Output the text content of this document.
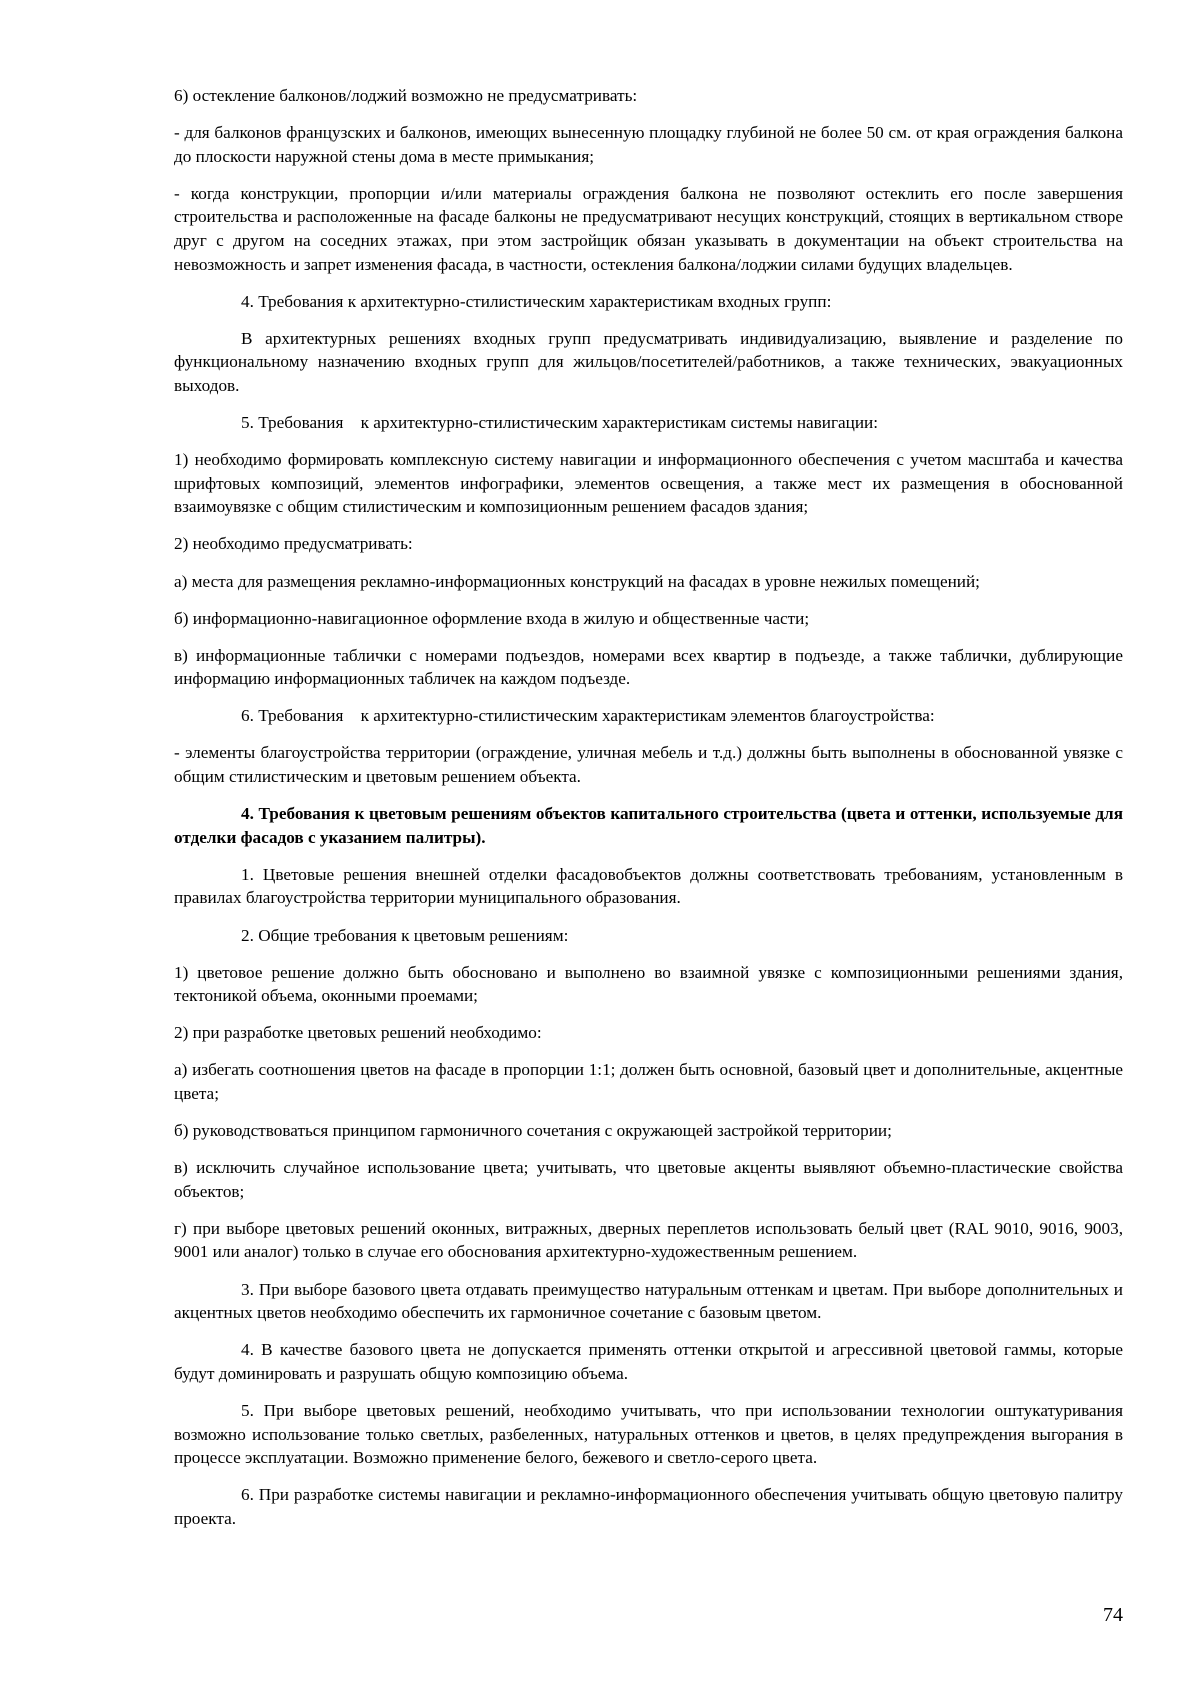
6) остекление балконов/лоджий возможно не предусматривать:

- для балконов французских и балконов, имеющих вынесенную площадку глубиной не более 50 см. от края ограждения балкона до плоскости наружной стены дома в месте примыкания;

- когда конструкции, пропорции и/или материалы ограждения балкона не позволяют остеклить его после завершения строительства и расположенные на фасаде балконы не предусматривают несущих конструкций, стоящих в вертикальном створе друг с другом на соседних этажах, при этом застройщик обязан указывать в документации на объект строительства на невозможность и запрет изменения фасада, в частности, остекления балкона/лоджии силами будущих владельцев.

4. Требования к архитектурно-стилистическим характеристикам входных групп:

В архитектурных решениях входных групп предусматривать индивидуализацию, выявление и разделение по функциональному назначению входных групп для жильцов/посетителей/работников, а также технических, эвакуационных выходов.

5. Требования    к архитектурно-стилистическим характеристикам системы навигации:

1) необходимо формировать комплексную систему навигации и информационного обеспечения с учетом масштаба и качества шрифтовых композиций, элементов инфографики, элементов освещения, а также мест их размещения в обоснованной взаимоувязке с общим стилистическим и композиционным решением фасадов здания;

2) необходимо предусматривать:

а) места для размещения рекламно-информационных конструкций на фасадах в уровне нежилых помещений;

б) информационно-навигационное оформление входа в жилую и общественные части;

в) информационные таблички с номерами подъездов, номерами всех квартир в подъезде, а также таблички, дублирующие информацию информационных табличек на каждом подъезде.

6. Требования    к архитектурно-стилистическим характеристикам элементов благоустройства:

- элементы благоустройства территории (ограждение, уличная мебель и т.д.) должны быть выполнены в обоснованной увязке с общим стилистическим и цветовым решением объекта.

4. Требования к цветовым решениям объектов капитального строительства (цвета и оттенки, используемые для отделки фасадов с указанием палитры).

1. Цветовые решения внешней отделки фасадовобъектов должны соответствовать требованиям, установленным в правилах благоустройства территории муниципального образования.

2. Общие требования к цветовым решениям:

1) цветовое решение должно быть обосновано и выполнено во взаимной увязке с композиционными решениями здания, тектоникой объема, оконными проемами;

2) при разработке цветовых решений необходимо:

а) избегать соотношения цветов на фасаде в пропорции 1:1; должен быть основной, базовый цвет и дополнительные, акцентные цвета;

б) руководствоваться принципом гармоничного сочетания с окружающей застройкой территории;

в) исключить случайное использование цвета; учитывать, что цветовые акценты выявляют объемно-пластические свойства объектов;

г) при выборе цветовых решений оконных, витражных, дверных переплетов использовать белый цвет (RAL 9010, 9016, 9003, 9001 или аналог) только в случае его обоснования архитектурно-художественным решением.

3. При выборе базового цвета отдавать преимущество натуральным оттенкам и цветам. При выборе дополнительных и акцентных цветов необходимо обеспечить их гармоничное сочетание с базовым цветом.

4. В качестве базового цвета не допускается применять оттенки открытой и агрессивной цветовой гаммы, которые будут доминировать и разрушать общую композицию объема.

5. При выборе цветовых решений, необходимо учитывать, что при использовании технологии оштукатуривания возможно использование только светлых, разбеленных, натуральных оттенков и цветов, в целях предупреждения выгорания в процессе эксплуатации. Возможно применение белого, бежевого и светло-серого цвета.

6. При разработке системы навигации и рекламно-информационного обеспечения учитывать общую цветовую палитру проекта.

74
